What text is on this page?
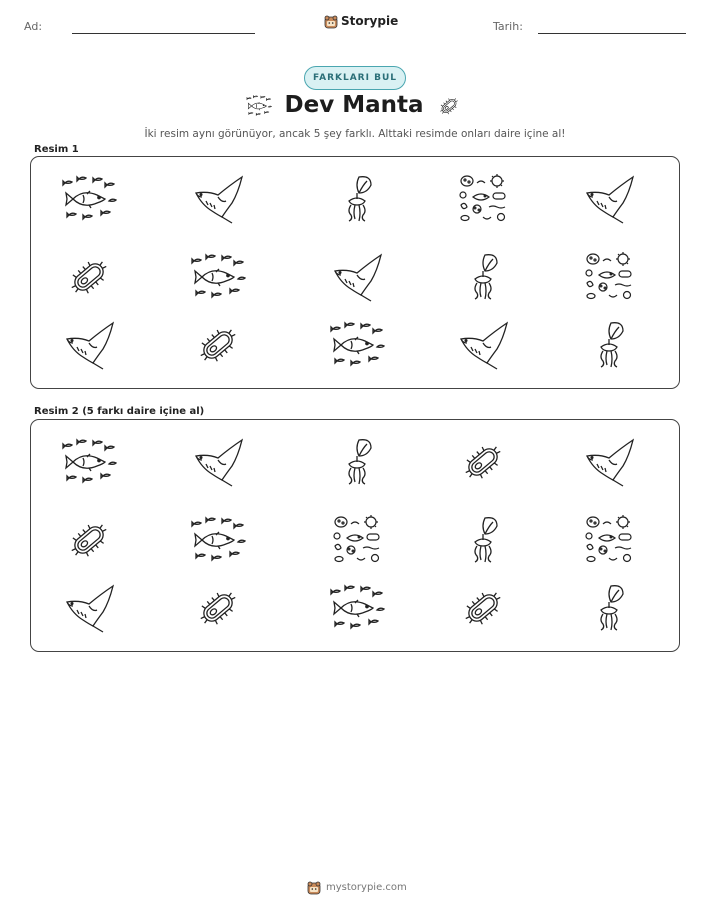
Ad:	Storypie	Tarih:
FARKLARI BUL
Dev Manta
İki resim aynı görünüyor, ancak 5 şey farklı. Alttaki resimde onları daire içine al!
Resim 1
Resim 2 (5 farkı daire içine al)
mystorypie.com
